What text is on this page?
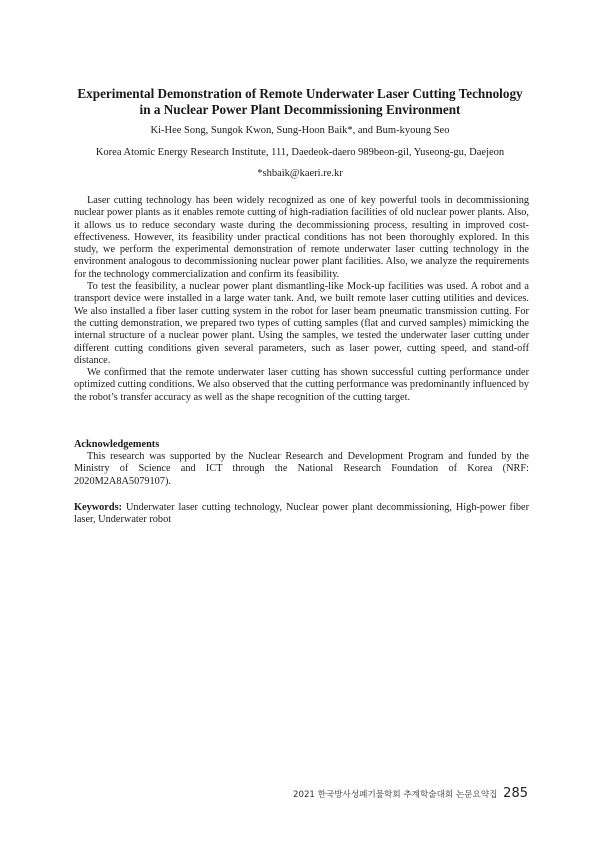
Experimental Demonstration of Remote Underwater Laser Cutting Technology
in a Nuclear Power Plant Decommissioning Environment
Ki-Hee Song, Sungok Kwon, Sung-Hoon Baik*, and Bum-kyoung Seo
Korea Atomic Energy Research Institute, 111, Daedeok-daero 989beon-gil, Yuseong-gu, Daejeon
*shbaik@kaeri.re.kr

Laser cutting technology has been widely recognized as one of key powerful tools in decommissioning nuclear power plants as it enables remote cutting of high-radiation facilities of old nuclear power plants. Also, it allows us to reduce secondary waste during the decommissioning process, resulting in improved cost-effectiveness. However, its feasibility under practical conditions has not been thoroughly explored. In this study, we perform the experimental demonstration of remote underwater laser cutting technology in the environment analogous to decommissioning nuclear power plant facilities. Also, we analyze the requirements for the technology commercialization and confirm its feasibility.

To test the feasibility, a nuclear power plant dismantling-like Mock-up facilities was used. A robot and a transport device were installed in a large water tank. And, we built remote laser cutting utilities and devices. We also installed a fiber laser cutting system in the robot for laser beam pneumatic transmission cutting. For the cutting demonstration, we prepared two types of cutting samples (flat and curved samples) mimicking the internal structure of a nuclear power plant. Using the samples, we tested the underwater laser cutting under different cutting conditions given several parameters, such as laser power, cutting speed, and stand-off distance.

We confirmed that the remote underwater laser cutting has shown successful cutting performance under optimized cutting conditions. We also observed that the cutting performance was predominantly influenced by the robot’s transfer accuracy as well as the shape recognition of the cutting target.

Acknowledgements

This research was supported by the Nuclear Research and Development Program and funded by the Ministry of Science and ICT through the National Research Foundation of Korea (NRF: 2020M2A8A5079107).

Keywords: Underwater laser cutting technology, Nuclear power plant decommissioning, High-power fiber laser, Underwater robot
2021 한국방사성폐기물학회 추계학술대회 논문요약집 285
